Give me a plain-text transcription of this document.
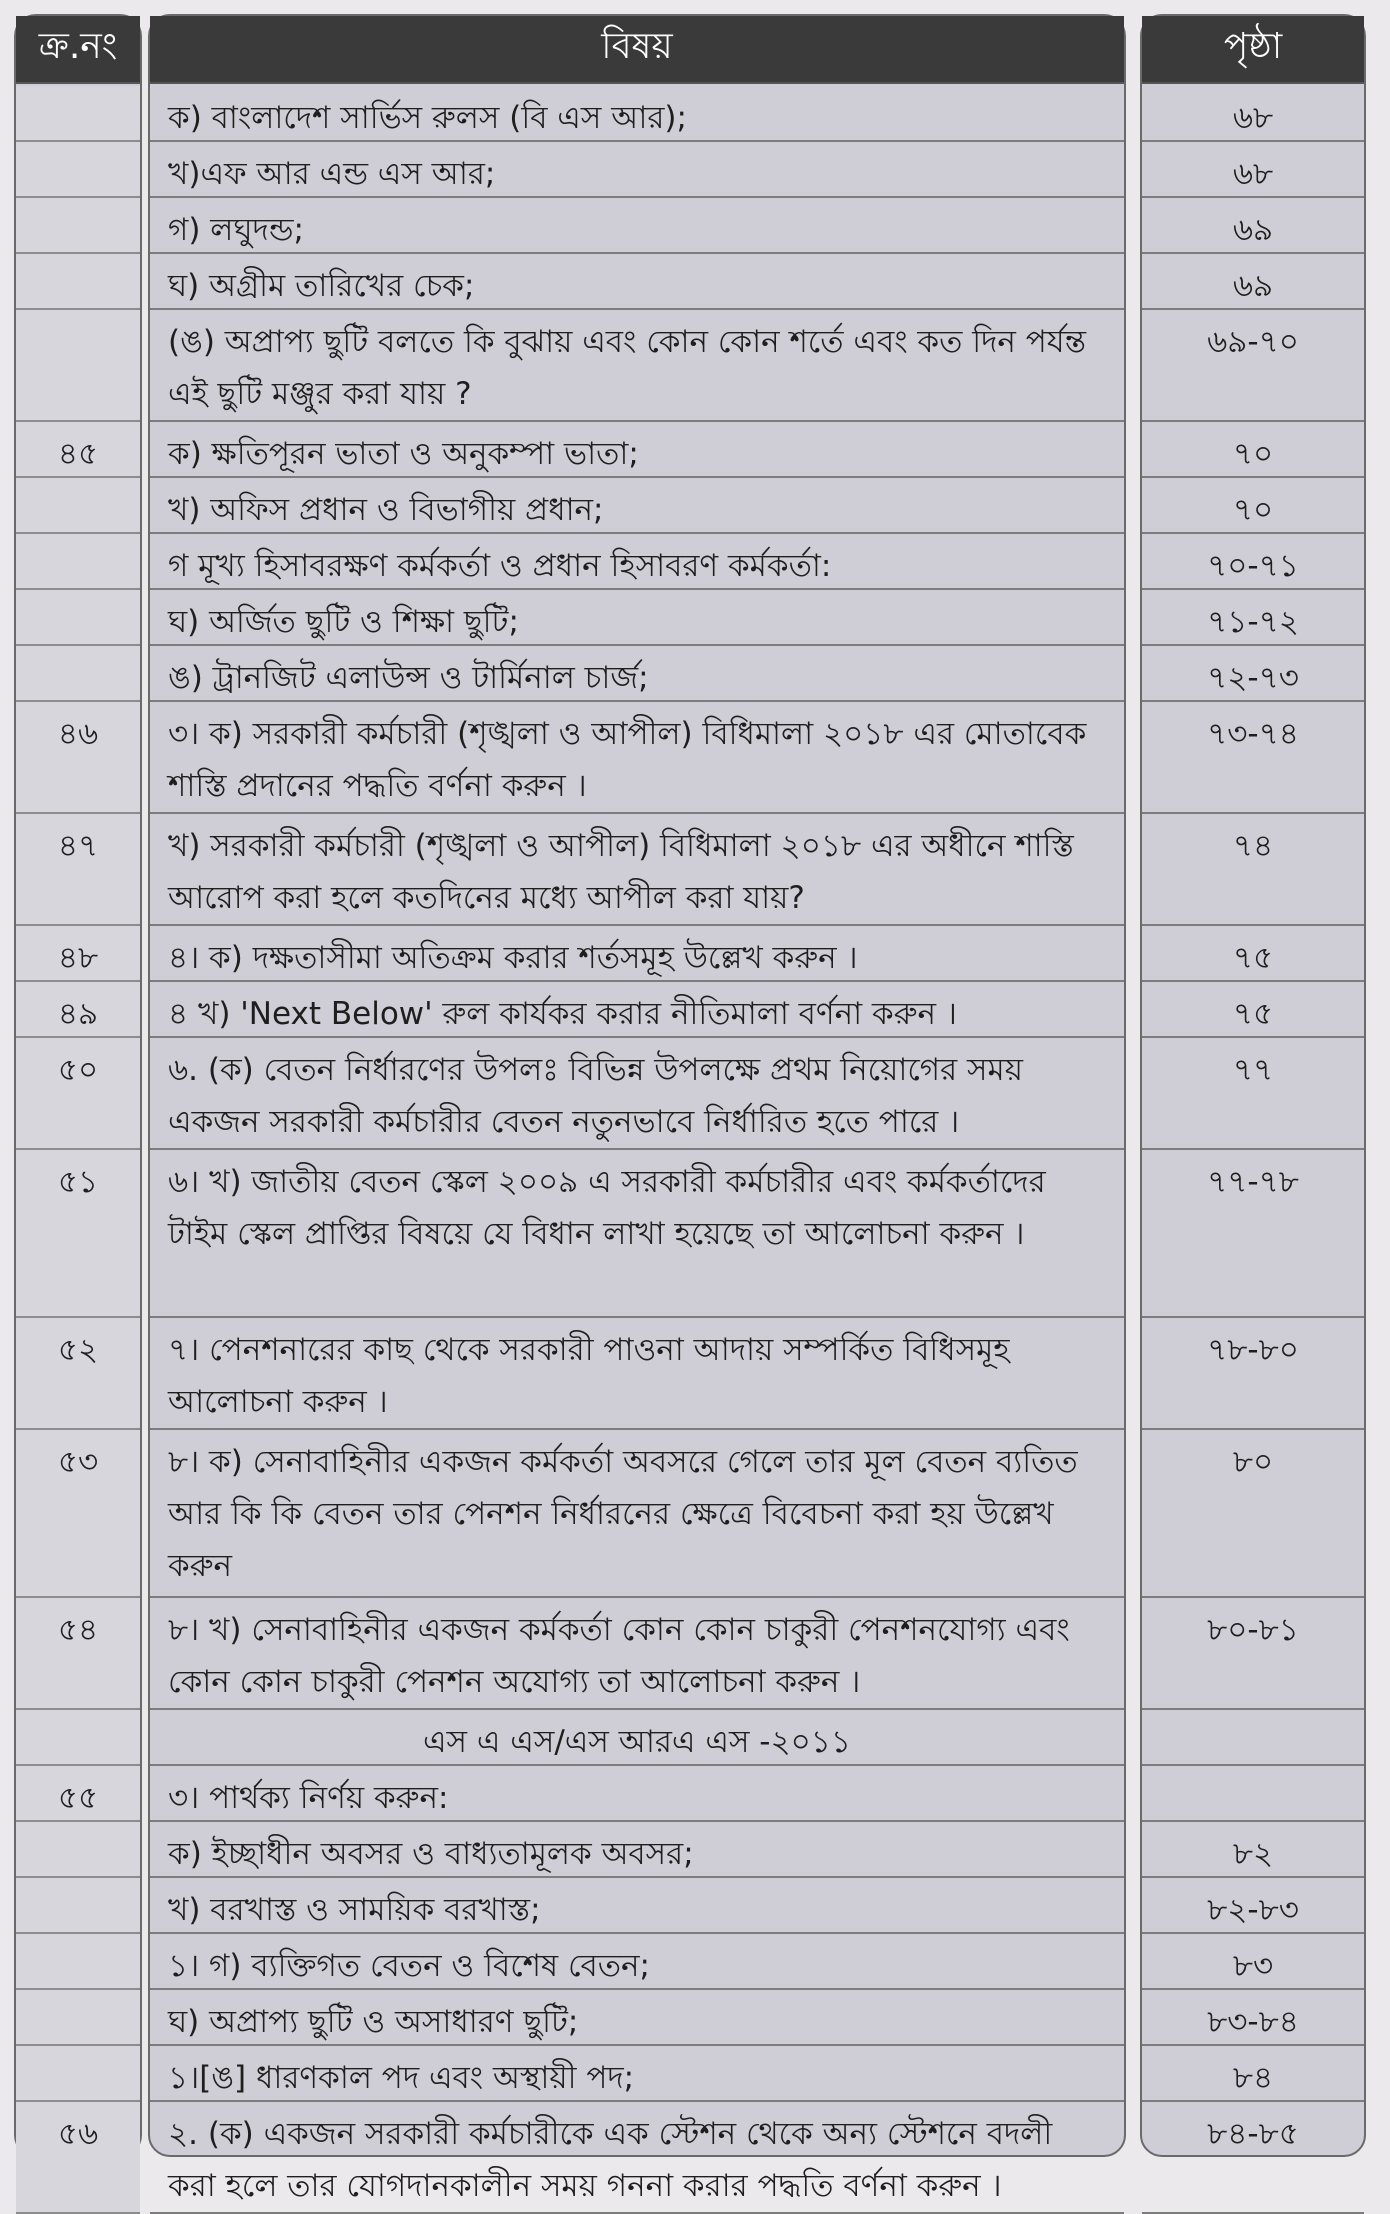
ক্র.নং
৪৫
৪৬
৪৭
৪৮
৪৯
৫০
৫১
৫২
৫৩
৫৪
৫৫
৫৬
বিষয়
ক) বাংলাদেশ সার্ভিস রুলস (বি এস আর);
খ)এফ আর এন্ড এস আর;
গ) লঘুদন্ড;
ঘ) অগ্রীম তারিখের চেক;
(ঙ) অপ্রাপ্য ছুটি বলতে কি বুঝায় এবং কোন কোন শর্তে এবং কত দিন পর্যন্ত এই ছুটি মঞ্জুর করা যায় ?
ক) ক্ষতিপূরন ভাতা ও অনুকম্পা ভাতা;
খ) অফিস প্রধান ও বিভাগীয় প্রধান;
গ মূখ্য হিসাবরক্ষণ কর্মকর্তা ও প্রধান হিসাবরণ কর্মকর্তা:
ঘ) অর্জিত ছুটি ও শিক্ষা ছুটি;
ঙ) ট্রানজিট এলাউন্স ও টার্মিনাল চার্জ;
৩। ক) সরকারী কর্মচারী (শৃঙ্খলা ও আপীল) বিধিমালা ২০১৮ এর মোতাবেক শাস্তি প্রদানের পদ্ধতি বর্ণনা করুন ।
খ) সরকারী কর্মচারী (শৃঙ্খলা ও আপীল) বিধিমালা ২০১৮ এর অধীনে শাস্তি আরোপ করা হলে কতদিনের মধ্যে আপীল করা যায়?
৪। ক) দক্ষতাসীমা অতিক্রম করার শর্তসমূহ উল্লেখ করুন ।
৪ খ) 'Next Below' রুল কার্যকর করার নীতিমালা বর্ণনা করুন ।
৬. (ক) বেতন নির্ধারণের উপলঃ বিভিন্ন উপলক্ষে প্রথম নিয়োগের সময় একজন সরকারী কর্মচারীর বেতন নতুনভাবে নির্ধারিত হতে পারে ।
৬। খ) জাতীয় বেতন স্কেল ২০০৯ এ সরকারী কর্মচারীর এবং কর্মকর্তাদের টাইম স্কেল প্রাপ্তির বিষয়ে যে বিধান লাখা হয়েছে তা আলোচনা করুন ।
৭। পেনশনারের কাছ থেকে সরকারী পাওনা আদায় সম্পর্কিত বিধিসমূহ আলোচনা করুন ।
৮। ক) সেনাবাহিনীর একজন কর্মকর্তা অবসরে গেলে তার মূল বেতন ব্যতিত আর কি কি বেতন তার পেনশন নির্ধারনের ক্ষেত্রে বিবেচনা করা হয় উল্লেখ করুন
৮। খ) সেনাবাহিনীর একজন কর্মকর্তা কোন কোন চাকুরী পেনশনযোগ্য এবং কোন কোন চাকুরী পেনশন অযোগ্য তা আলোচনা করুন ।
এস এ এস/এস আরএ এস -২০১১
৩। পার্থক্য নির্ণয় করুন:
ক) ইচ্ছাধীন অবসর ও বাধ্যতামূলক অবসর;
খ) বরখাস্ত ও সাময়িক বরখাস্ত;
১। গ) ব্যক্তিগত বেতন ও বিশেষ বেতন;
ঘ) অপ্রাপ্য ছুটি ও অসাধারণ ছুটি;
১।[ঙ] ধারণকাল পদ এবং অস্থায়ী পদ;
২. (ক) একজন সরকারী কর্মচারীকে এক স্টেশন থেকে অন্য স্টেশনে বদলী করা হলে তার যোগদানকালীন সময় গননা করার পদ্ধতি বর্ণনা করুন ।
পৃষ্ঠা
৬৮
৬৮
৬৯
৬৯
৬৯-৭০
৭০
৭০
৭০-৭১
৭১-৭২
৭২-৭৩
৭৩-৭৪
৭৪
৭৫
৭৫
৭৭
৭৭-৭৮
৭৮-৮০
৮০
৮০-৮১
৮২
৮২-৮৩
৮৩
৮৩-৮৪
৮৪
৮৪-৮৫
